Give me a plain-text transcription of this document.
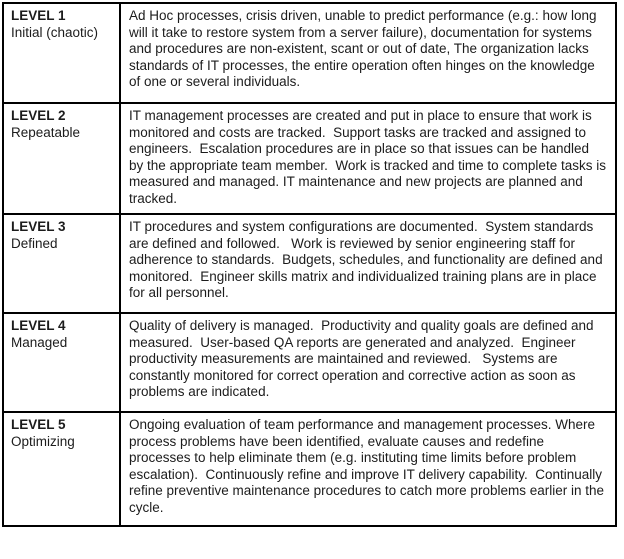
LEVEL 1
Initial (chaotic)
Ad Hoc processes, crisis driven, unable to predict performance (e.g.: how long will it take to restore system from a server failure), documentation for systems and procedures are non-existent, scant or out of date, The organization lacks standards of IT processes, the entire operation often hinges on the knowledge of one or several individuals.
LEVEL 2
Repeatable
IT management processes are created and put in place to ensure that work is monitored and costs are tracked.  Support tasks are tracked and assigned to engineers.  Escalation procedures are in place so that issues can be handled by the appropriate team member.  Work is tracked and time to complete tasks is measured and managed. IT maintenance and new projects are planned and tracked.
LEVEL 3
Defined
IT procedures and system configurations are documented.  System standards are defined and followed.   Work is reviewed by senior engineering staff for adherence to standards.  Budgets, schedules, and functionality are defined and monitored.  Engineer skills matrix and individualized training plans are in place for all personnel.
LEVEL 4
Managed
Quality of delivery is managed.  Productivity and quality goals are defined and measured.  User-based QA reports are generated and analyzed.  Engineer productivity measurements are maintained and reviewed.   Systems are constantly monitored for correct operation and corrective action as soon as problems are indicated.
LEVEL 5
Optimizing
Ongoing evaluation of team performance and management processes. Where process problems have been identified, evaluate causes and redefine processes to help eliminate them (e.g. instituting time limits before problem escalation).  Continuously refine and improve IT delivery capability.  Continually refine preventive maintenance procedures to catch more problems earlier in the cycle.
